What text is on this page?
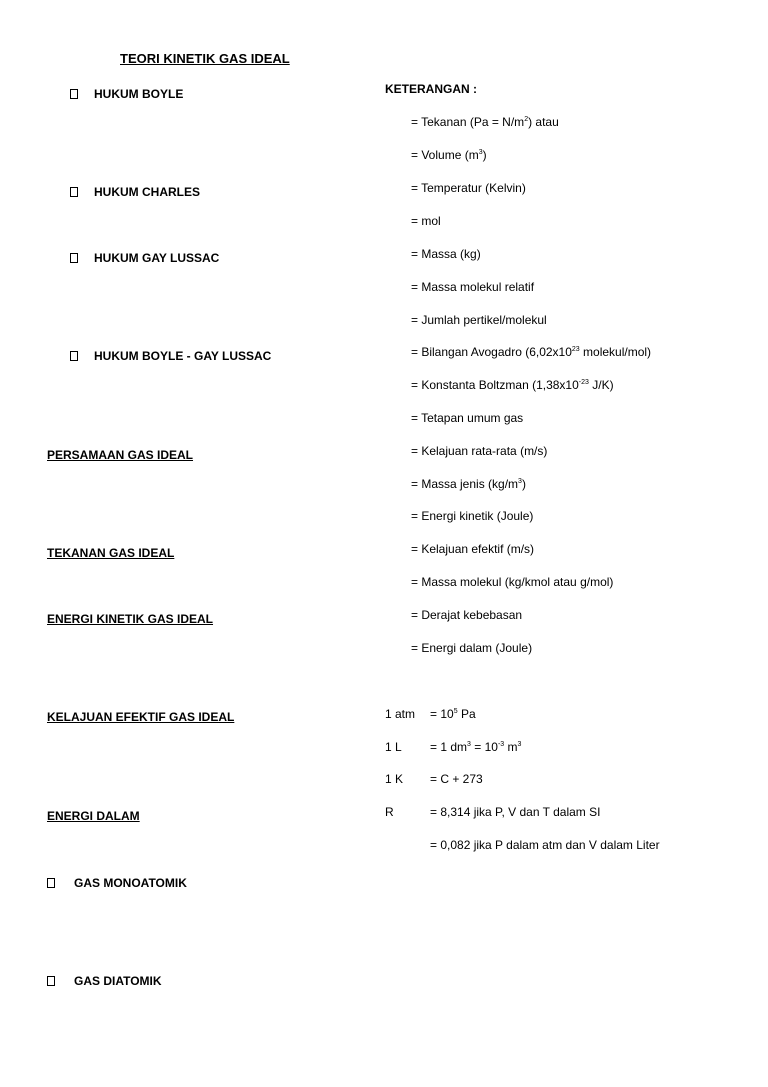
TEORI KINETIK GAS IDEAL
HUKUM BOYLE
HUKUM CHARLES
HUKUM GAY LUSSAC
HUKUM BOYLE - GAY LUSSAC
PERSAMAAN GAS IDEAL
TEKANAN GAS IDEAL
ENERGI KINETIK GAS IDEAL
KELAJUAN EFEKTIF GAS IDEAL
ENERGI DALAM
GAS MONOATOMIK
GAS DIATOMIK
KETERANGAN :
= Tekanan $(Pa = N/m^2)$ atau
= Volume $(m^3)$
= Temperatur (Kelvin)
= mol
= Massa (kg)
= Massa molekul relatif
= Jumlah pertikel/molekul
= Bilangan Avogadro ($6,02x10^{23}$ molekul/mol)
= Konstanta Boltzman ($1,38x10^{-23}$ J/K)
= Tetapan umum gas
= Kelajuan rata-rata (m/s)
= Massa jenis $(kg/m^3)$
= Energi kinetik (Joule)
= Kelajuan efektif (m/s)
= Massa molekul (kg/kmol atau g/mol)
= Derajat kebebasan
= Energi dalam (Joule)
1 atm = $10^5$ Pa
1 L = 1 $dm^3 = 10^{-3}$ $m^3$
1 K = C + 273
R	= 8,314 jika P, V dan T dalam SI
= 0,082 jika P dalam atm dan V dalam Liter
